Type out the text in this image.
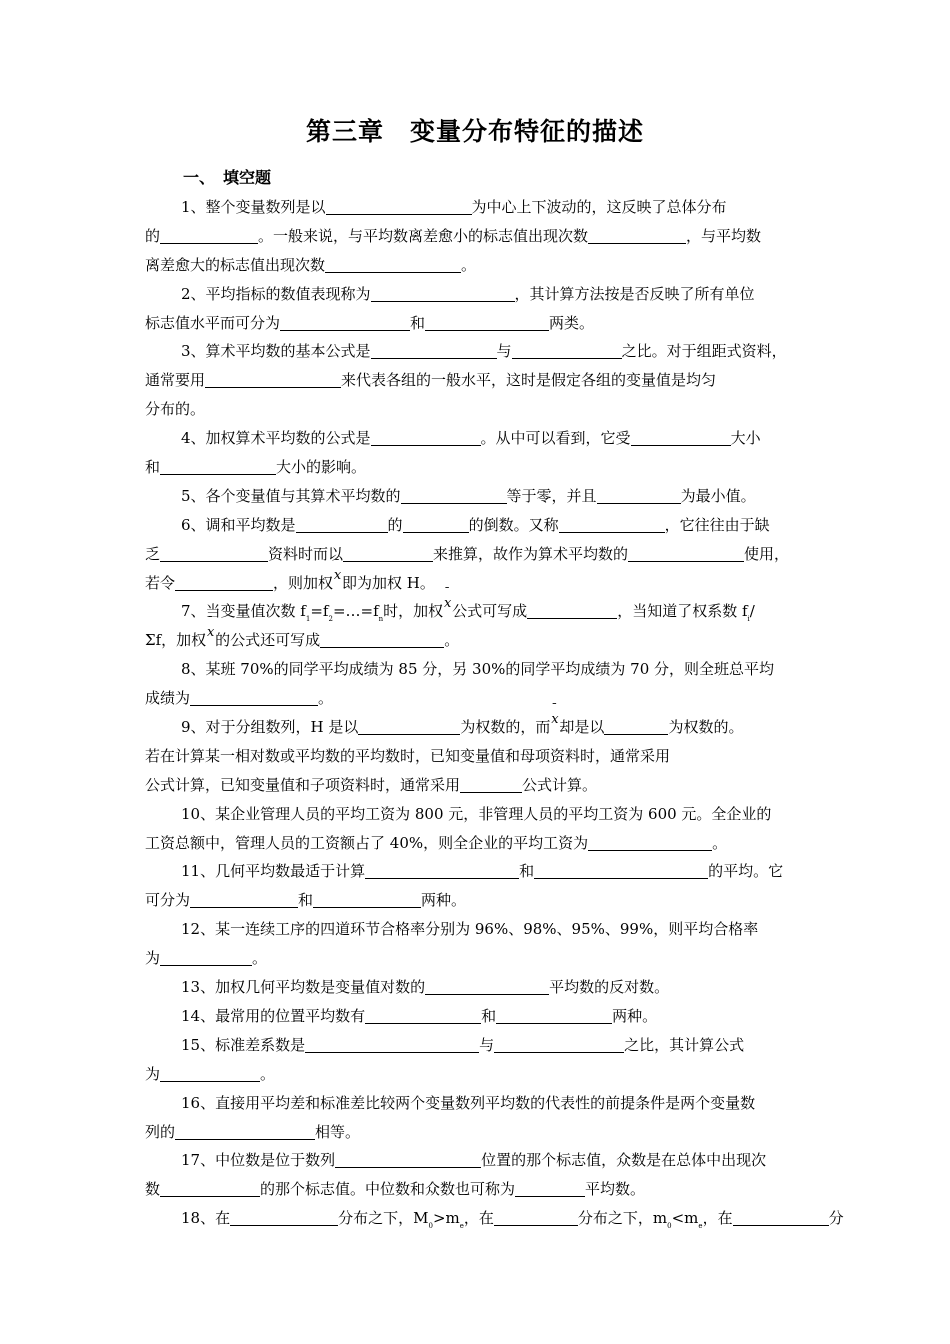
第三章　变量分布特征的描述
一、　填空题
1、整个变量数列是以	为中心上下波动的，这反映了总体分布
的	。一般来说，与平均数离差愈小的标志值出现次数	，与平均数
离差愈大的标志值出现次数	。
2、平均指标的数值表现称为	，其计算方法按是否反映了所有单位
标志值水平而可分为	和	两类。
3、算术平均数的基本公式是	与	之比。对于组距式资料，
通常要用	来代表各组的一般水平，这时是假定各组的变量值是均匀
分布的。
4、加权算术平均数的公式是	。从中可以看到，它受	大小
和	大小的影响。
5、各个变量值与其算术平均数的	等于零，并且	为最小值。
6、调和平均数是	的	的倒数。又称	，它往往由于缺
乏	资料时而以	来推算，故作为算术平均数的	使用，
若令	，则加权¯ x即为加权 H。
7、当变量值次数 $f_1=f_2=\dots=f_n$时，加权¯ x公式可写成	，当知道了权系数 $f_i/$
Σf，加权¯ x的公式还可写成	。
8、某班 70%的同学平均成绩为 85 分，另 30%的同学平均成绩为 70 分，则全班总平均
成绩为	。
9、对于分组数列，H 是以	为权数的，而¯ x却是以	为权数的。
若在计算某一相对数或平均数的平均数时，已知变量值和母项资料时，通常采用
公式计算，已知变量值和子项资料时，通常采用	公式计算。
10、某企业管理人员的平均工资为 800 元，非管理人员的平均工资为 600 元。全企业的
工资总额中，管理人员的工资额占了 40%，则全企业的平均工资为	。
11、几何平均数最适于计算	和	的平均。它
可分为	和	两种。
12、某一连续工序的四道环节合格率分别为 96%、98%、95%、99%，则平均合格率
为	。
13、加权几何平均数是变量值对数的	平均数的反对数。
14、最常用的位置平均数有	和	两种。
15、标准差系数是	与	之比，其计算公式
为	。
16、直接用平均差和标准差比较两个变量数列平均数的代表性的前提条件是两个变量数
列的	相等。
17、中位数是位于数列	位置的那个标志值，众数是在总体中出现次
数	的那个标志值。中位数和众数也可称为	平均数。
18、在	分布之下，$M_0>m_e$，在	分布之下，$m_0<m_e$，在	分
